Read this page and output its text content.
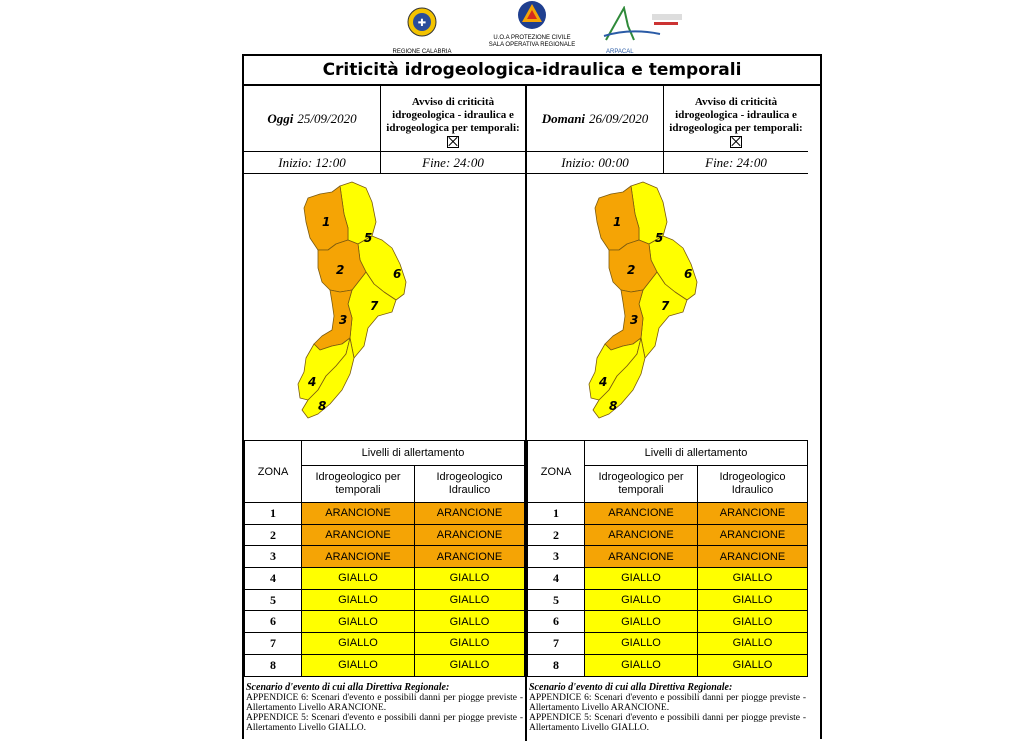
✚
REGIONE CALABRIA
U.O.A PROTEZIONE CIVILE
SALA OPERATIVA REGIONALE
ARPACAL
Criticità idrogeologica-idraulica e temporali
Oggi 25/09/2020
Avviso di criticità idrogeologica - idraulica e idrogeologica per temporali:
Inizio: 12:00	Fine: 24:00
1
2
3
4
5
6
7
8
ZONA	Livelli di allertamento	
	Idrogeologico per temporali	Idrogeologico Idraulico
1	ARANCIONE	ARANCIONE
2	ARANCIONE	ARANCIONE
3	ARANCIONE	ARANCIONE
4	GIALLO	GIALLO
5	GIALLO	GIALLO
6	GIALLO	GIALLO
7	GIALLO	GIALLO
8	GIALLO	GIALLO
Scenario d'evento di cui alla Direttiva Regionale:

APPENDICE 6: Scenari d'evento e possibili danni per piogge previste - Allertamento Livello ARANCIONE.

APPENDICE 5: Scenari d'evento e possibili danni per piogge previste - Allertamento Livello GIALLO.

Domani 26/09/2020
Avviso di criticità idrogeologica - idraulica e idrogeologica per temporali:
Inizio: 00:00	Fine: 24:00
1
2
3
4
5
6
7
8
ZONA	Livelli di allertamento	
	Idrogeologico per temporali	Idrogeologico Idraulico
1	ARANCIONE	ARANCIONE
2	ARANCIONE	ARANCIONE
3	ARANCIONE	ARANCIONE
4	GIALLO	GIALLO
5	GIALLO	GIALLO
6	GIALLO	GIALLO
7	GIALLO	GIALLO
8	GIALLO	GIALLO
Scenario d'evento di cui alla Direttiva Regionale:

APPENDICE 6: Scenari d'evento e possibili danni per piogge previste - Allertamento Livello ARANCIONE.

APPENDICE 5: Scenari d'evento e possibili danni per piogge previste - Allertamento Livello GIALLO.
